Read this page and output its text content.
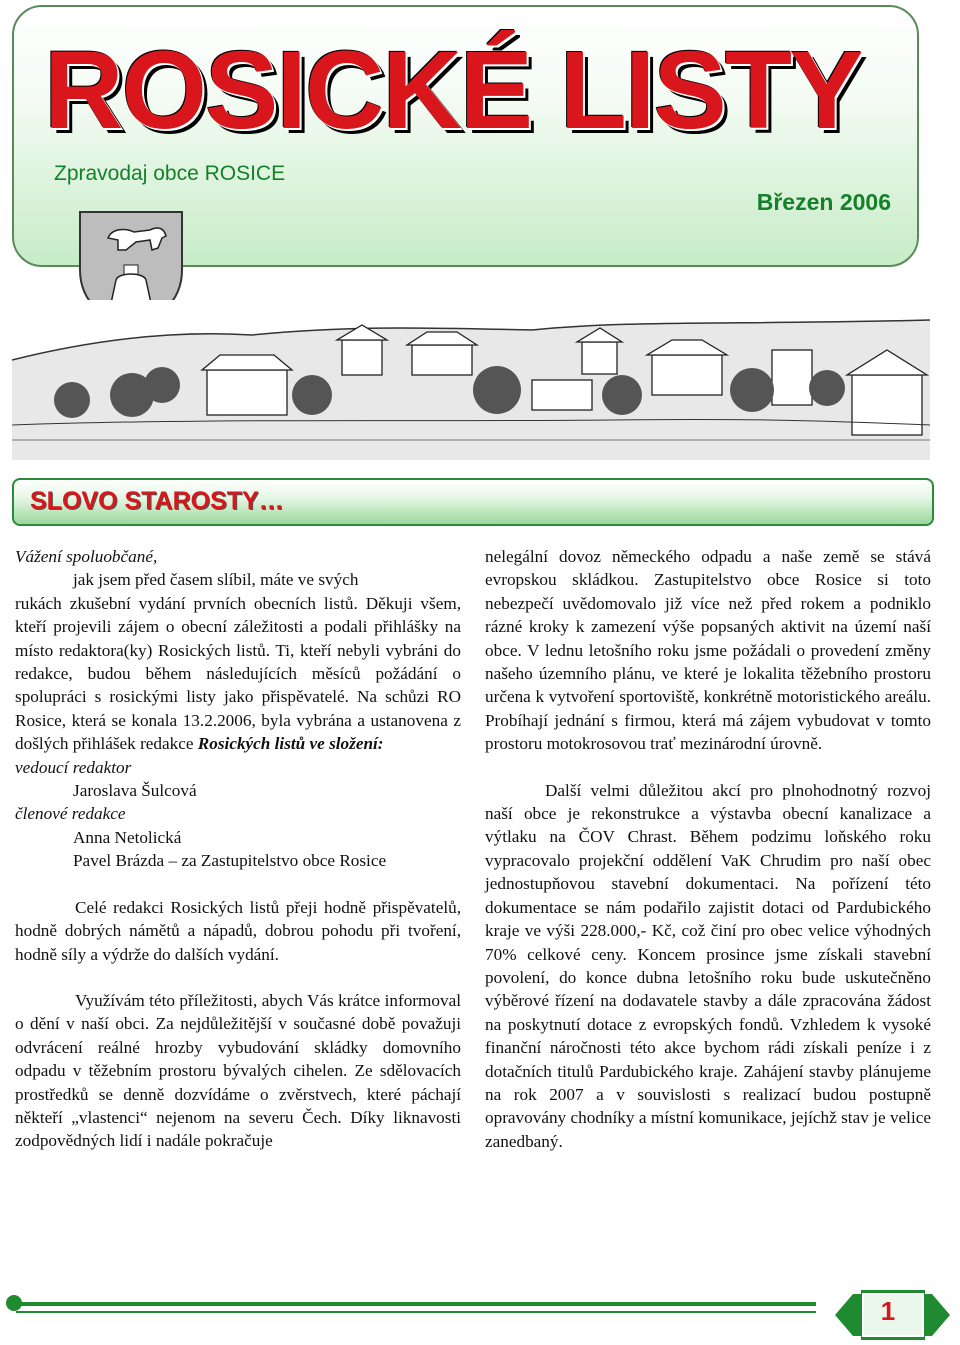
ROSICKÉ LISTY
Zpravodaj obce ROSICE
Březen 2006
SLOVO STAROSTY…

Vážení spoluobčané,

jak jsem před časem slíbil, máte ve svých

rukách zkušební vydání prvních obecních listů. Děkuji všem, kteří projevili zájem o obecní záležitosti a podali přihlášky na místo redaktora(ky) Rosických listů. Ti, kteří nebyli vybráni do redakce, budou během následujících měsíců požádání o spolupráci s rosickými listy jako přispěvatelé. Na schůzi RO Rosice, která se konala 13.2.2006, byla vybrána a ustanovena z došlých přihlášek redakce Rosických listů ve složení:

vedoucí redaktor

Jaroslava Šulcová

členové redakce

Anna Netolická

Pavel Brázda – za Zastupitelstvo obce Rosice

Celé redakci Rosických listů přeji hodně přispěvatelů, hodně dobrých námětů a nápadů, dobrou pohodu při tvoření, hodně síly a výdrže do dalších vydání.

Využívám této příležitosti, abych Vás krátce informoval o dění v naší obci. Za nejdůležitější v současné době považuji odvrácení reálné hrozby vybudování skládky domovního odpadu v těžebním prostoru bývalých cihelen. Ze sdělovacích prostředků se denně dozvídáme o zvěrstvech, které páchají někteří „vlastenci“ nejenom na severu Čech. Díky liknavosti zodpovědných lidí i nadále pokračuje

nelegální dovoz německého odpadu a naše země se stává evropskou skládkou. Zastupitelstvo obce Rosice si toto nebezpečí uvědomovalo již více než před rokem a podniklo rázné kroky k zamezení výše popsaných aktivit na území naší obce. V lednu letošního roku jsme požádali o provedení změny našeho územního plánu, ve které je lokalita těžebního prostoru určena k vytvoření sportoviště, konkrétně motoristického areálu. Probíhají jednání s firmou, která má zájem vybudovat v tomto prostoru motokrosovou trať mezinárodní úrovně.

Další velmi důležitou akcí pro plnohodnotný rozvoj naší obce je rekonstrukce a výstavba obecní kanalizace a výtlaku na ČOV Chrast. Během podzimu loňského roku vypracovalo projekční oddělení VaK Chrudim pro naší obec jednostupňovou stavební dokumentaci. Na pořízení této dokumentace se nám podařilo zajistit dotaci od Pardubického kraje ve výši 228.000,- Kč, což činí pro obec velice výhodných 70% celkové ceny. Koncem prosince jsme získali stavební povolení, do konce dubna letošního roku bude uskutečněno výběrové řízení na dodavatele stavby a dále zpracována žádost na poskytnutí dotace z evropských fondů. Vzhledem k vysoké finanční náročnosti této akce bychom rádi získali peníze i z dotačních titulů Pardubického kraje. Zahájení stavby plánujeme na rok 2007 a v souvislosti s realizací budou postupně opravovány chodníky a místní komunikace, jejíchž stav je velice zanedbaný.

1
